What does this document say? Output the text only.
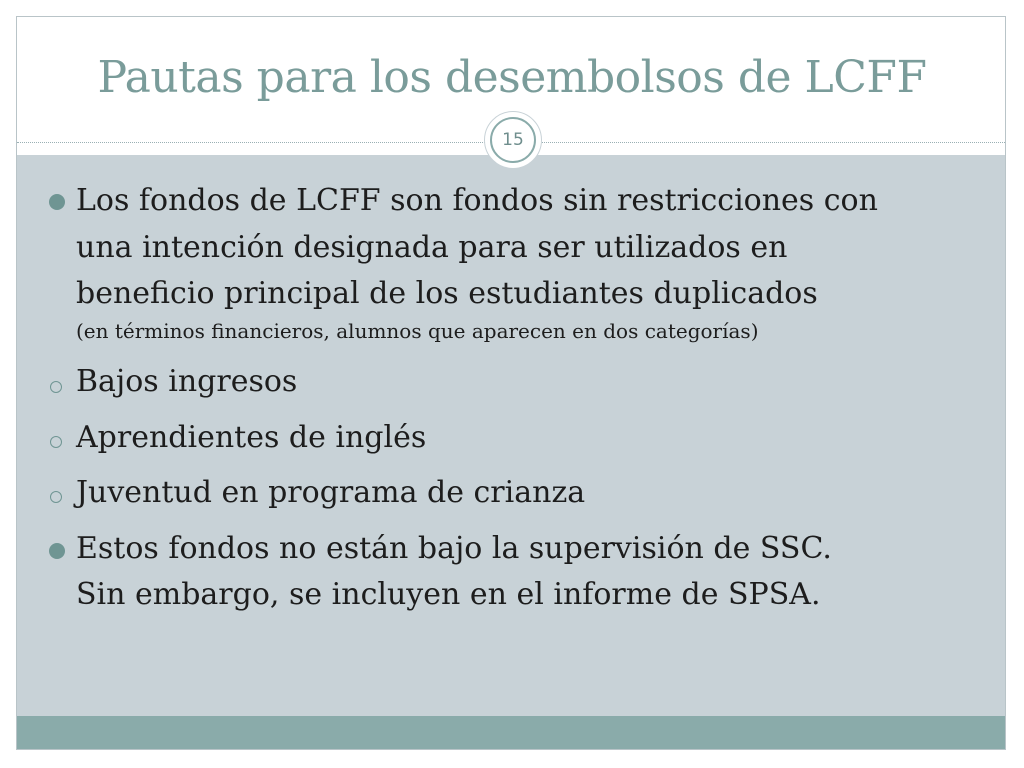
Pautas para los desembolsos de LCFF
15
Los fondos de LCFF son fondos sin restricciones con
una intención designada para ser utilizados en
beneficio principal de los estudiantes duplicados
(en términos financieros, alumnos que aparecen en dos categorías)
Bajos ingresos
Aprendientes de inglés
Juventud en programa de crianza
Estos fondos no están bajo la supervisión de SSC.
Sin embargo, se incluyen en el informe de SPSA.
